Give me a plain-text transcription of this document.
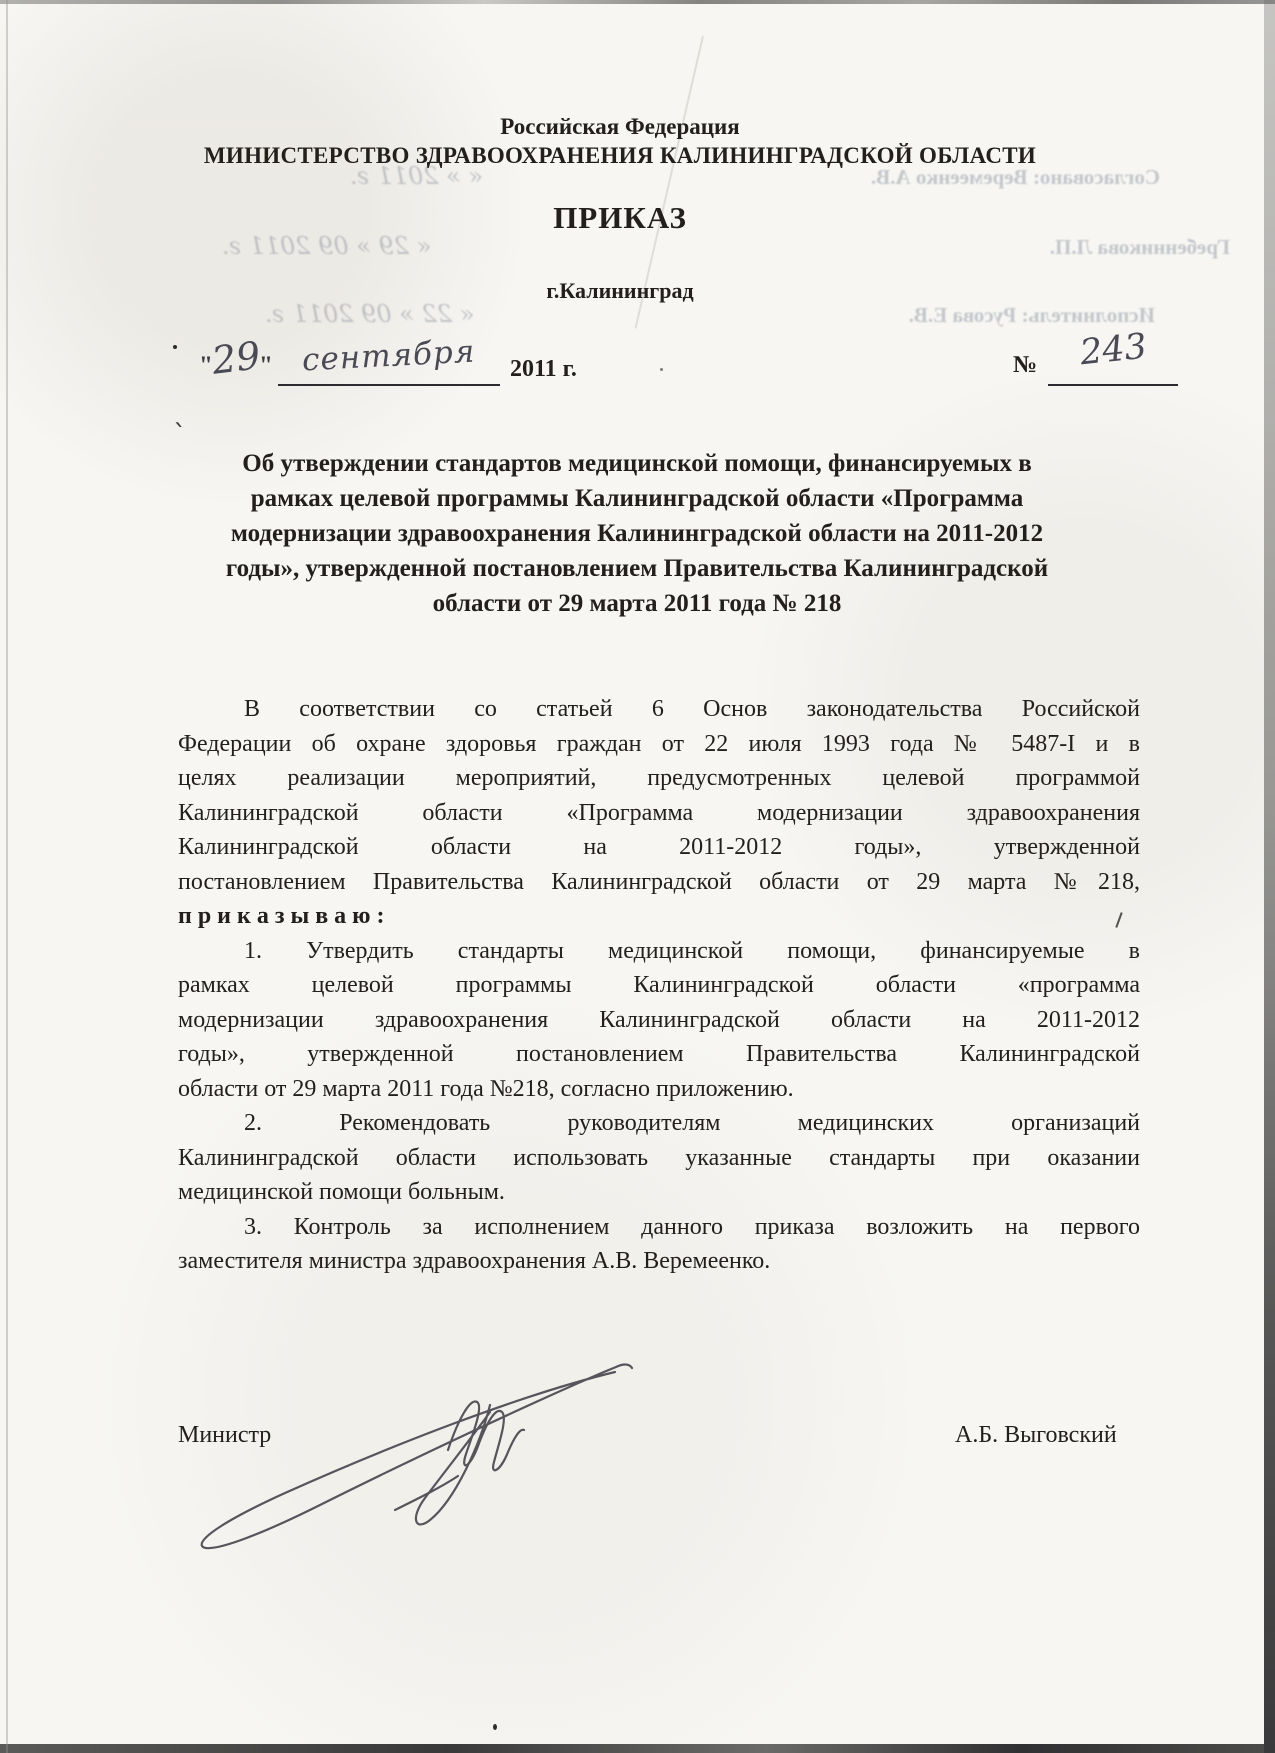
Согласовано: Веремеенко А.В.
« » 2011 г.
Гребенникова Л.П.
« 29 » 09 2011 г.
Исполнитель: Русова Е.В.
« 22 » 09 2011 г.
Российская Федерация
МИНИСТЕРСТВО ЗДРАВООХРАНЕНИЯ КАЛИНИНГРАДСКОЙ ОБЛАСТИ
ПРИКАЗ
г.Калининград
"
29
" сентября	2011 г.	№	243
Об утверждении стандартов медицинской помощи, финансируемых в
рамках целевой программы Калининградской области «Программа
модернизации здравоохранения Калининградской области на 2011-2012
годы», утвержденной постановлением Правительства Калининградской
области от 29 марта 2011 года № 218
В соответствии со статьей 6 Основ законодательства Российской
Федерации об охране здоровья граждан от 22 июля 1993 года № 5487-I и в
целях реализации мероприятий, предусмотренных целевой программой
Калининградской области «Программа модернизации здравоохранения
Калининградской области на 2011-2012 годы», утвержденной
постановлением Правительства Калининградской области от 29 марта №218,
п р и к а з ы в а ю :
1. Утвердить стандарты медицинской помощи, финансируемые в
рамках целевой программы Калининградской области «программа
модернизации здравоохранения Калининградской области на 2011-2012
годы», утвержденной постановлением Правительства Калининградской
области от 29 марта 2011 года №218, согласно приложению.
2. Рекомендовать руководителям медицинских организаций
Калининградской области использовать указанные стандарты при оказании
медицинской помощи больным.
3. Контроль за исполнением данного приказа возложить на первого
заместителя министра здравоохранения А.В. Веремеенко.
Министр	А.Б. Выговский
`
